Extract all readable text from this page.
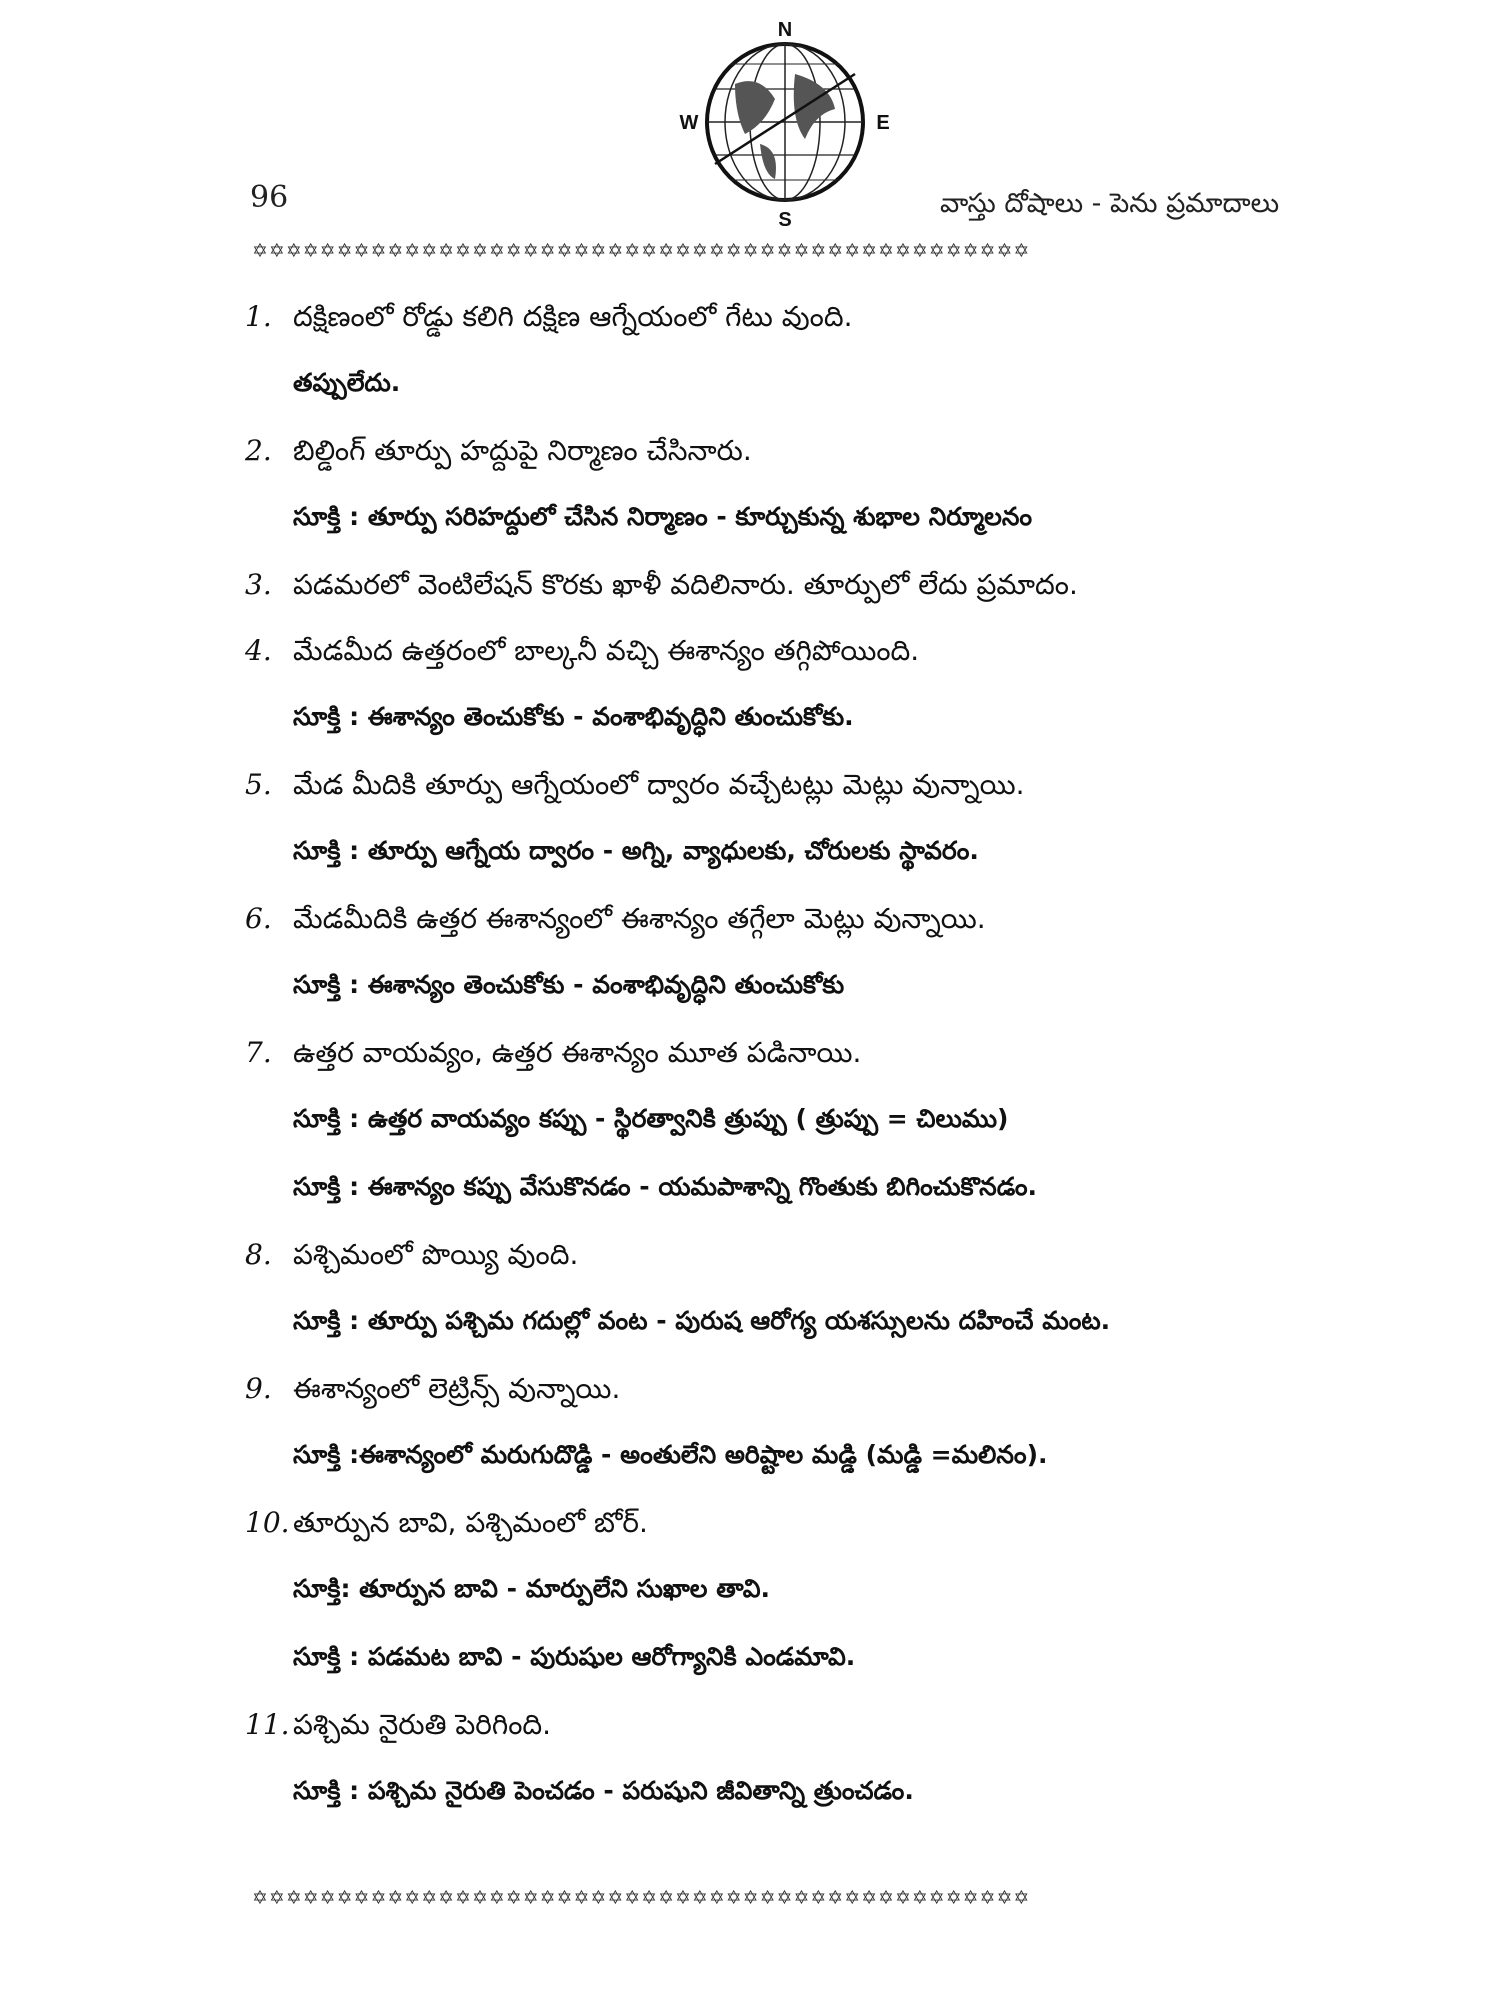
N
S
E
W
96	వాస్తు దోషాలు - పెను ప్రమాదాలు
✡✡✡✡✡✡✡✡✡✡✡✡✡✡✡✡✡✡✡✡✡✡✡✡✡✡✡✡✡✡✡✡✡✡✡✡✡✡✡✡✡✡✡✡✡✡
1. దక్షిణంలో రోడ్డు కలిగి దక్షిణ ఆగ్నేయంలో గేటు వుంది.
తప్పులేదు.
2. బిల్డింగ్ తూర్పు హద్దుపై నిర్మాణం చేసినారు.
సూక్తి : తూర్పు సరిహద్దులో చేసిన నిర్మాణం - కూర్చుకున్న శుభాల నిర్మూలనం
3. పడమరలో వెంటిలేషన్ కొరకు ఖాళీ వదిలినారు. తూర్పులో లేదు ప్రమాదం.
4. మేడమీద ఉత్తరంలో బాల్కనీ వచ్చి ఈశాన్యం తగ్గిపోయింది.
సూక్తి : ఈశాన్యం తెంచుకోకు - వంశాభివృద్ధిని తుంచుకోకు.
5. మేడ మీదికి తూర్పు ఆగ్నేయంలో ద్వారం వచ్చేటట్లు మెట్లు వున్నాయి.
సూక్తి : తూర్పు ఆగ్నేయ ద్వారం - అగ్ని, వ్యాధులకు, చోరులకు స్థావరం.
6. మేడమీదికి ఉత్తర ఈశాన్యంలో ఈశాన్యం తగ్గేలా మెట్లు వున్నాయి.
సూక్తి : ఈశాన్యం తెంచుకోకు - వంశాభివృద్ధిని తుంచుకోకు
7. ఉత్తర వాయవ్యం, ఉత్తర ఈశాన్యం మూత పడినాయి.
సూక్తి : ఉత్తర వాయవ్యం కప్పు - స్థిరత్వానికి త్రుప్పు ( త్రుప్పు = చిలుము)
సూక్తి : ఈశాన్యం కప్పు వేసుకొనడం - యమపాశాన్ని గొంతుకు బిగించుకొనడం.
8. పశ్చిమంలో పొయ్యి వుంది.
సూక్తి : తూర్పు పశ్చిమ గదుల్లో వంట - పురుష ఆరోగ్య యశస్సులను దహించే మంట.
9. ఈశాన్యంలో లెట్రిన్స్ వున్నాయి.
సూక్తి :ఈశాన్యంలో మరుగుదొడ్డి - అంతులేని అరిష్టాల మడ్డి (మడ్డి =మలినం).
10. తూర్పున బావి, పశ్చిమంలో బోర్.
సూక్తి: తూర్పున బావి - మార్పులేని సుఖాల తావి.
సూక్తి : పడమట బావి - పురుషుల ఆరోగ్యానికి ఎండమావి.
11. పశ్చిమ నైరుతి పెరిగింది.
సూక్తి : పశ్చిమ నైరుతి పెంచడం - పరుషుని జీవితాన్ని త్రుంచడం.
✡✡✡✡✡✡✡✡✡✡✡✡✡✡✡✡✡✡✡✡✡✡✡✡✡✡✡✡✡✡✡✡✡✡✡✡✡✡✡✡✡✡✡✡✡✡
